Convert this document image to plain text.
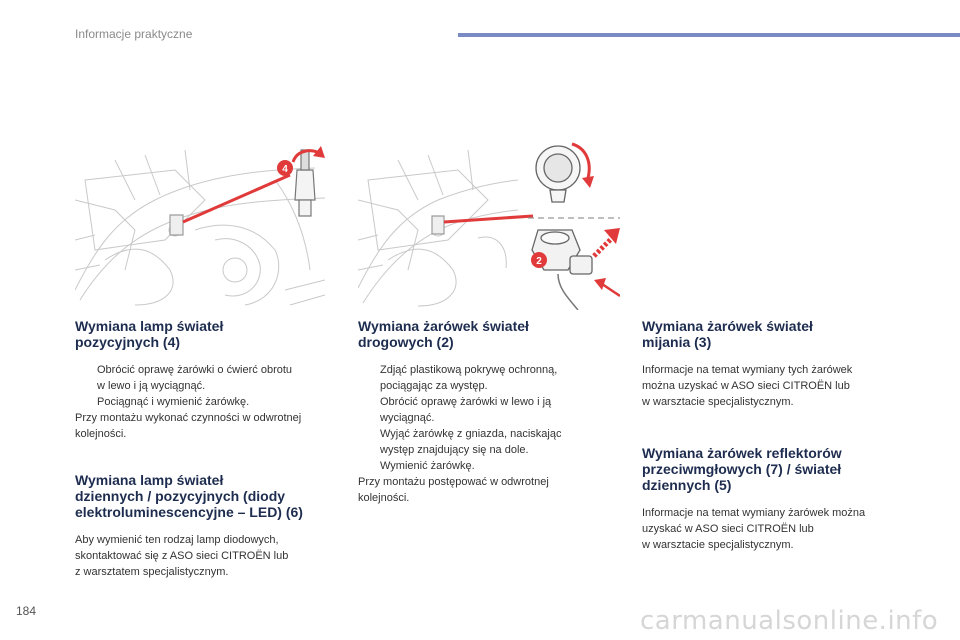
Informacje praktyczne
4
2
Wymiana lamp świateł
pozycyjnych (4)
Obrócić oprawę żarówki o ćwierć obrotu
w lewo i ją wyciągnąć.
Pociągnąć i wymienić żarówkę.

Przy montażu wykonać czynności w odwrotnej
kolejności.

Wymiana lamp świateł
dziennych / pozycyjnych (diody
elektroluminescencyjne – LED) (6)

Aby wymienić ten rodzaj lamp diodowych,
skontaktować się z ASO sieci CITROËN lub
z warsztatem specjalistycznym.

Wymiana żarówek świateł
drogowych (2)
Zdjąć plastikową pokrywę ochronną,
pociągając za występ.
Obrócić oprawę żarówki w lewo i ją
wyciągnąć.
Wyjąć żarówkę z gniazda, naciskając
występ znajdujący się na dole.
Wymienić żarówkę.

Przy montażu postępować w odwrotnej
kolejności.

Wymiana żarówek świateł
mijania (3)

Informacje na temat wymiany tych żarówek
można uzyskać w ASO sieci CITROËN lub
w warsztacie specjalistycznym.

Wymiana żarówek reflektorów
przeciwmgłowych (7) / świateł
dziennych (5)

Informacje na temat wymiany żarówek można
uzyskać w ASO sieci CITROËN lub
w warsztacie specjalistycznym.

184	carmanualsonline.info
